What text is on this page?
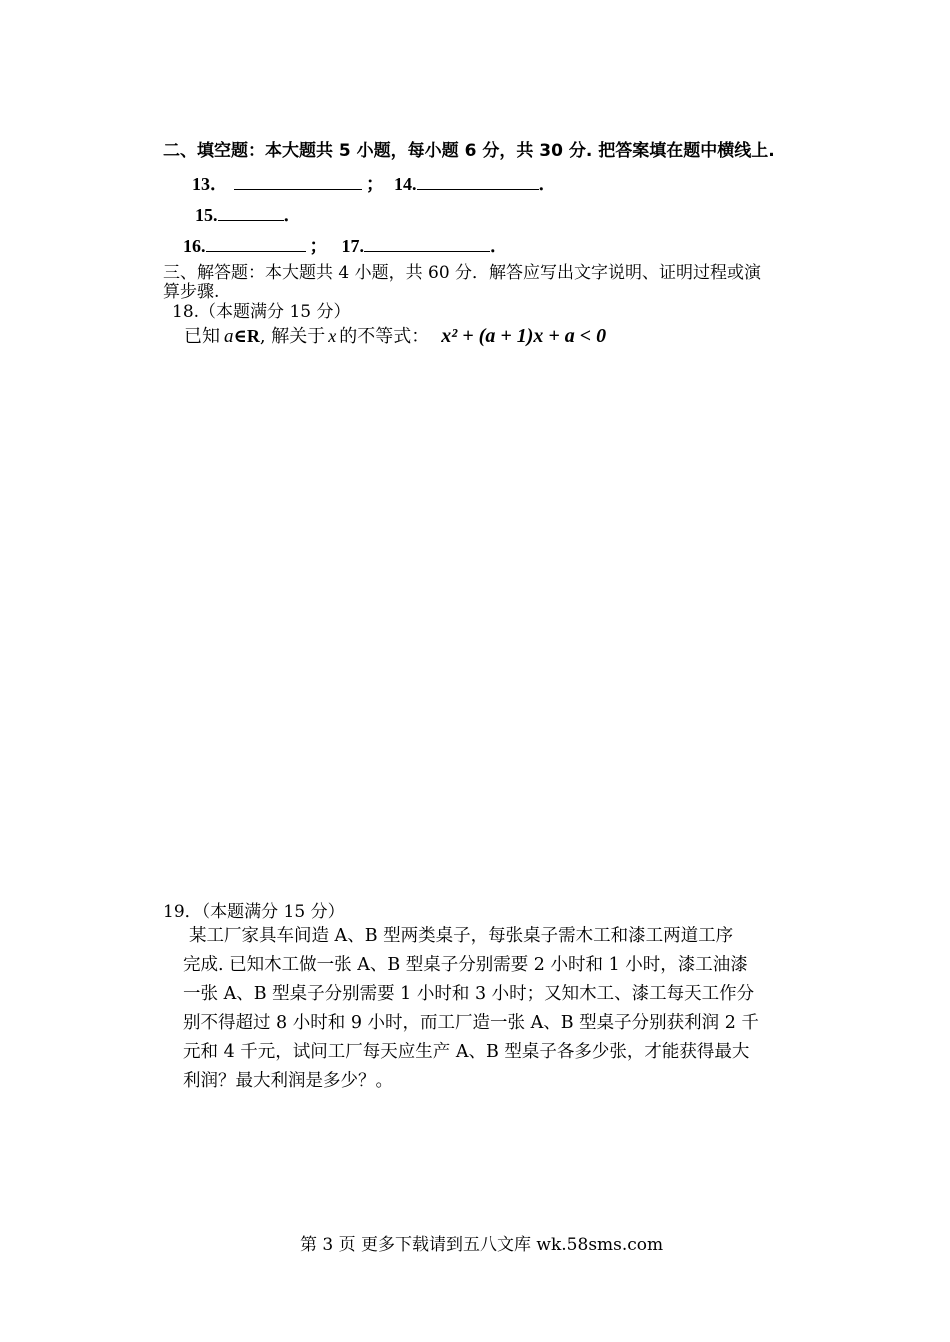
二、填空题：本大题共 5 小题，每小题 6 分，共 30 分. 把答案填在题中横线上.
13．	； 14.	．
15.	．
16.	； 17.	．
三、解答题：本大题共 4 小题，共 60 分．解答应写出文字说明、证明过程或演
算步骤.
18.（本题满分 15 分）
已知 a∈R, 解关于 x 的不等式： x² + (a + 1)x + a < 0
19．（本题满分 15 分）
某工厂家具车间造 A、B 型两类桌子，每张桌子需木工和漆工两道工序
完成. 已知木工做一张 A、B 型桌子分别需要 2 小时和 1 小时，漆工油漆
一张 A、B 型桌子分别需要 1 小时和 3 小时；又知木工、漆工每天工作分
别不得超过 8 小时和 9 小时，而工厂造一张 A、B 型桌子分别获利润 2 千
元和 4 千元，试问工厂每天应生产 A、B 型桌子各多少张，才能获得最大
利润？最大利润是多少？。
第 3 页 更多下载请到五八文库 wk.58sms.com
